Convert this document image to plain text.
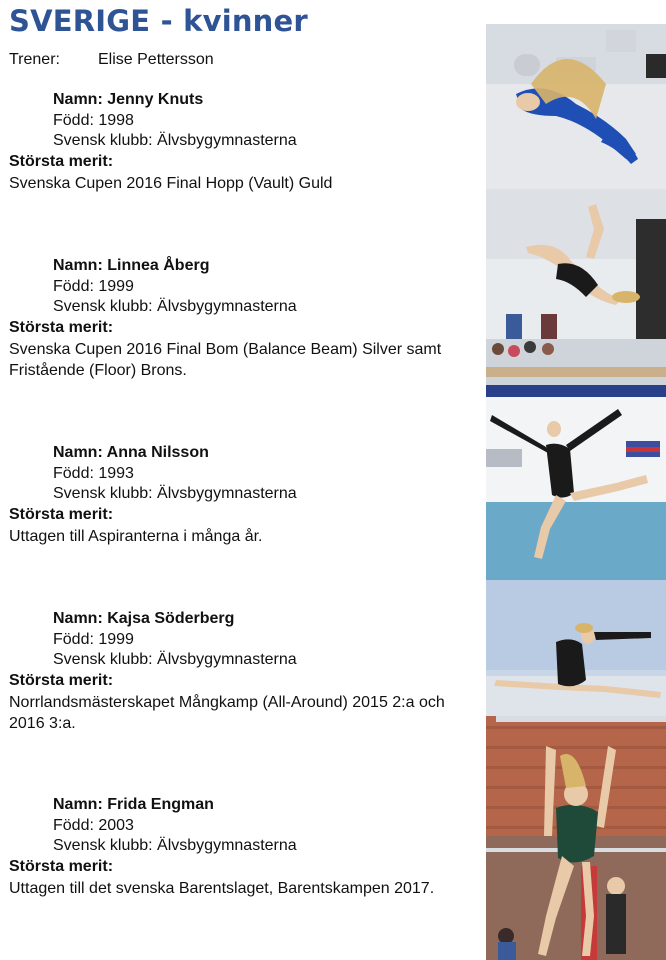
SVERIGE - kvinner
Trener: Elise Pettersson
Namn: Jenny Knuts
Född: 1998
Svensk klubb: Älvsbygymnasterna
Största merit:
Svenska Cupen 2016 Final Hopp (Vault) Guld
Namn: Linnea Åberg
Född: 1999
Svensk klubb: Älvsbygymnasterna
Största merit:
Svenska Cupen 2016 Final Bom (Balance Beam) Silver samt Fristående (Floor) Brons.
Namn: Anna Nilsson
Född: 1993
Svensk klubb: Älvsbygymnasterna
Största merit:
Uttagen till Aspiranterna i många år.
Namn: Kajsa Söderberg
Född: 1999
Svensk klubb: Älvsbygymnasterna
Största merit:
Norrlandsmästerskapet Mångkamp (All-Around) 2015 2:a och 2016 3:a.
Namn: Frida Engman
Född: 2003
Svensk klubb: Älvsbygymnasterna
Största merit:
Uttagen till det svenska Barentslaget, Barentskampen 2017.
